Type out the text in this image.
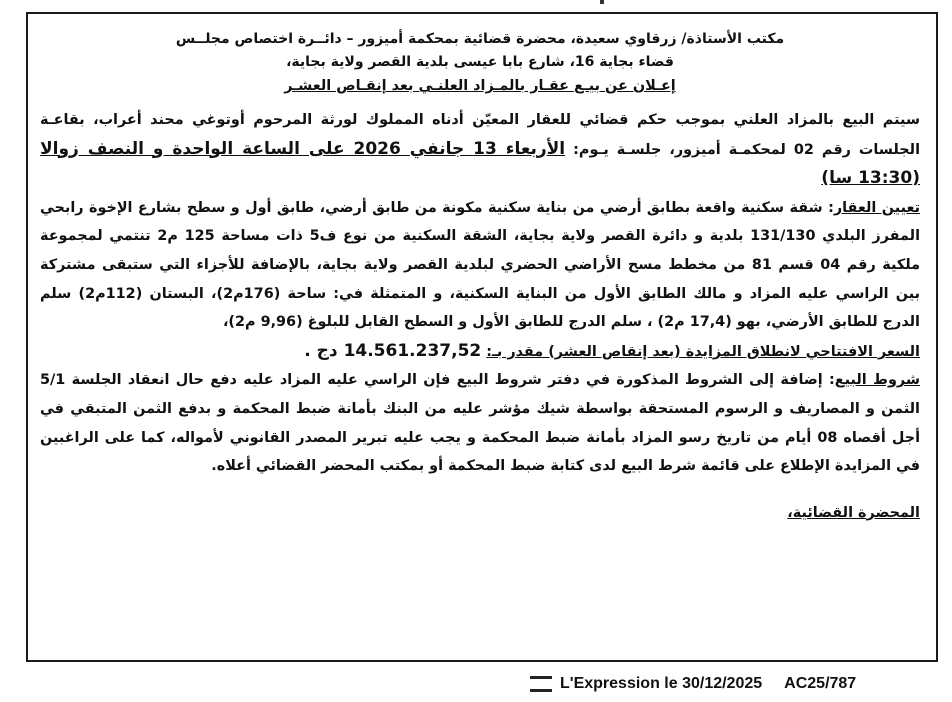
مكتب الأستاذة/ زرقاوي سعيدة، محضرة قضائية بمحكمة أميزور – دائــرة اختصاص مجلــس

قضاء بجاية 16، شارع بابا عيسى بلدية القصر ولاية بجاية،

إعـلان عن بيـع عقـار بالمـزاد العلنـي بعد إنقـاص العشـر

سيتم البيع بالمزاد العلني بموجب حكم قضائي للعقار المعيّن أدناه المملوك لورثة المرحوم أوتوغي محند أعراب، بقاعـة الجلسات رقم 02 لمحكمـة أميزور، جلسـة يـوم: الأربعاء 13 جانفي 2026 على الساعة الواحدة و النصف زوالا (13:30 سا)

تعيين العقار: شقة سكنية واقعة بطابق أرضي من بناية سكنية مكونة من طابق أرضي، طابق أول و سطح بشارع الإخوة رابحي المفرز البلدي 131/130 بلدية و دائرة القصر ولاية بجاية، الشقة السكنية من نوع ف5 ذات مساحة 125 م2 تنتمي لمجموعة ملكية رقم 04 قسم 81 من مخطط مسح الأراضي الحضري لبلدية القصر ولاية بجاية، بالإضافة للأجزاء التي ستبقى مشتركة بين الراسي عليه المزاد و مالك الطابق الأول من البناية السكنية، و المتمثلة في: ساحة (176م2)، البستان (112م2) سلم الدرج للطابق الأرضي، بهو (17,4 م2) ، سلم الدرج للطابق الأول و السطح القابل للبلوغ (9,96 م2)،

السعر الافتتاحي لانطلاق المزايدة (بعد إنقاص العشر) مقدر بـ: 14.561.237,52 دج .

شروط البيع: إضافة إلى الشروط المذكورة في دفتر شروط البيع فإن الراسي عليه المزاد عليه دفع حال انعقاد الجلسة 5/1 الثمن و المصاريف و الرسوم المستحقة بواسطة شيك مؤشر عليه من البنك بأمانة ضبط المحكمة و بدفع الثمن المتبقي في أجل أقصاه 08 أيام من تاريخ رسو المزاد بأمانة ضبط المحكمة و يجب عليه تبرير المصدر القانوني لأمواله، كما على الراغبين في المزايدة الإطلاع على قائمة شرط البيع لدى كتابة ضبط المحكمة أو بمكتب المحضر القضائي أعلاه.

المحضرة القضائية،

L'Expression le 30/12/2025 AC25/787
